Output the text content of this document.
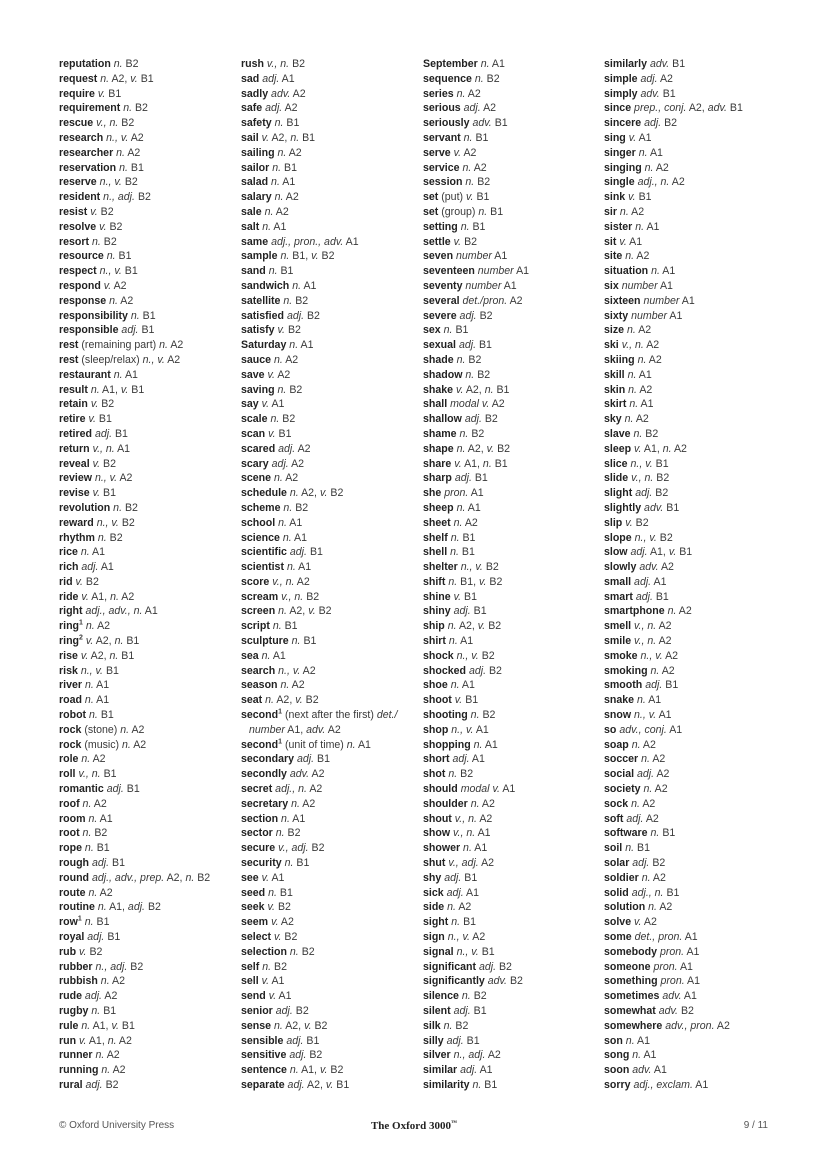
reputation n. B2
request n. A2, v. B1
require v. B1
requirement n. B2
rescue v., n. B2
research n., v. A2
researcher n. A2
reservation n. B1
reserve n., v. B2
resident n., adj. B2
resist v. B2
resolve v. B2
resort n. B2
resource n. B1
respect n., v. B1
respond v. A2
response n. A2
responsibility n. B1
responsible adj. B1
rest (remaining part) n. A2
rest (sleep/relax) n., v. A2
restaurant n. A1
result n. A1, v. B1
retain v. B2
retire v. B1
retired adj. B1
return v., n. A1
reveal v. B2
review n., v. A2
revise v. B1
revolution n. B2
reward n., v. B2
rhythm n. B2
rice n. A1
rich adj. A1
rid v. B2
ride v. A1, n. A2
right adj., adv., n. A1
ring$^1$ n. A2
ring$^2$ v. A2, n. B1
rise v. A2, n. B1
risk n., v. B1
river n. A1
road n. A1
robot n. B1
rock (stone) n. A2
rock (music) n. A2
role n. A2
roll v., n. B1
romantic adj. B1
roof n. A2
room n. A1
root n. B2
rope n. B1
rough adj. B1
round adj., adv., prep. A2, n. B2
route n. A2
routine n. A1, adj. B2
row$^1$ n. B1
royal adj. B1
rub v. B2
rubber n., adj. B2
rubbish n. A2
rude adj. A2
rugby n. B1
rule n. A1, v. B1
run v. A1, n. A2
runner n. A2
running n. A2
rural adj. B2
rush v., n. B2
sad adj. A1
sadly adv. A2
safe adj. A2
safety n. B1
sail v. A2, n. B1
sailing n. A2
sailor n. B1
salad n. A1
salary n. A2
sale n. A2
salt n. A1
same adj., pron., adv. A1
sample n. B1, v. B2
sand n. B1
sandwich n. A1
satellite n. B2
satisfied adj. B2
satisfy v. B2
Saturday n. A1
sauce n. A2
save v. A2
saving n. B2
say v. A1
scale n. B2
scan v. B1
scared adj. A2
scary adj. A2
scene n. A2
schedule n. A2, v. B2
scheme n. B2
school n. A1
science n. A1
scientific adj. B1
scientist n. A1
score v., n. A2
scream v., n. B2
screen n. A2, v. B2
script n. B1
sculpture n. B1
sea n. A1
search n., v. A2
season n. A2
seat n. A2, v. B2
second$^1$ (next after the first) det./
number A1, adv. A2
second$^1$ (unit of time) n. A1
secondary adj. B1
secondly adv. A2
secret adj., n. A2
secretary n. A2
section n. A1
sector n. B2
secure v., adj. B2
security n. B1
see v. A1
seed n. B1
seek v. B2
seem v. A2
select v. B2
selection n. B2
self n. B2
sell v. A1
send v. A1
senior adj. B2
sense n. A2, v. B2
sensible adj. B1
sensitive adj. B2
sentence n. A1, v. B2
separate adj. A2, v. B1
September n. A1
sequence n. B2
series n. A2
serious adj. A2
seriously adv. B1
servant n. B1
serve v. A2
service n. A2
session n. B2
set (put) v. B1
set (group) n. B1
setting n. B1
settle v. B2
seven number A1
seventeen number A1
seventy number A1
several det./pron. A2
severe adj. B2
sex n. B1
sexual adj. B1
shade n. B2
shadow n. B2
shake v. A2, n. B1
shall modal v. A2
shallow adj. B2
shame n. B2
shape n. A2, v. B2
share v. A1, n. B1
sharp adj. B1
she pron. A1
sheep n. A1
sheet n. A2
shelf n. B1
shell n. B1
shelter n., v. B2
shift n. B1, v. B2
shine v. B1
shiny adj. B1
ship n. A2, v. B2
shirt n. A1
shock n., v. B2
shocked adj. B2
shoe n. A1
shoot v. B1
shooting n. B2
shop n., v. A1
shopping n. A1
short adj. A1
shot n. B2
should modal v. A1
shoulder n. A2
shout v., n. A2
show v., n. A1
shower n. A1
shut v., adj. A2
shy adj. B1
sick adj. A1
side n. A2
sight n. B1
sign n., v. A2
signal n., v. B1
significant adj. B2
significantly adv. B2
silence n. B2
silent adj. B1
silk n. B2
silly adj. B1
silver n., adj. A2
similar adj. A1
similarity n. B1
similarly adv. B1
simple adj. A2
simply adv. B1
since prep., conj. A2, adv. B1
sincere adj. B2
sing v. A1
singer n. A1
singing n. A2
single adj., n. A2
sink v. B1
sir n. A2
sister n. A1
sit v. A1
site n. A2
situation n. A1
six number A1
sixteen number A1
sixty number A1
size n. A2
ski v., n. A2
skiing n. A2
skill n. A1
skin n. A2
skirt n. A1
sky n. A2
slave n. B2
sleep v. A1, n. A2
slice n., v. B1
slide v., n. B2
slight adj. B2
slightly adv. B1
slip v. B2
slope n., v. B2
slow adj. A1, v. B1
slowly adv. A2
small adj. A1
smart adj. B1
smartphone n. A2
smell v., n. A2
smile v., n. A2
smoke n., v. A2
smoking n. A2
smooth adj. B1
snake n. A1
snow n., v. A1
so adv., conj. A1
soap n. A2
soccer n. A2
social adj. A2
society n. A2
sock n. A2
soft adj. A2
software n. B1
soil n. B1
solar adj. B2
soldier n. A2
solid adj., n. B1
solution n. A2
solve v. A2
some det., pron. A1
somebody pron. A1
someone pron. A1
something pron. A1
sometimes adv. A1
somewhat adv. B2
somewhere adv., pron. A2
son n. A1
song n. A1
soon adv. A1
sorry adj., exclam. A1
© Oxford University Press	The Oxford 3000™	9 / 11
